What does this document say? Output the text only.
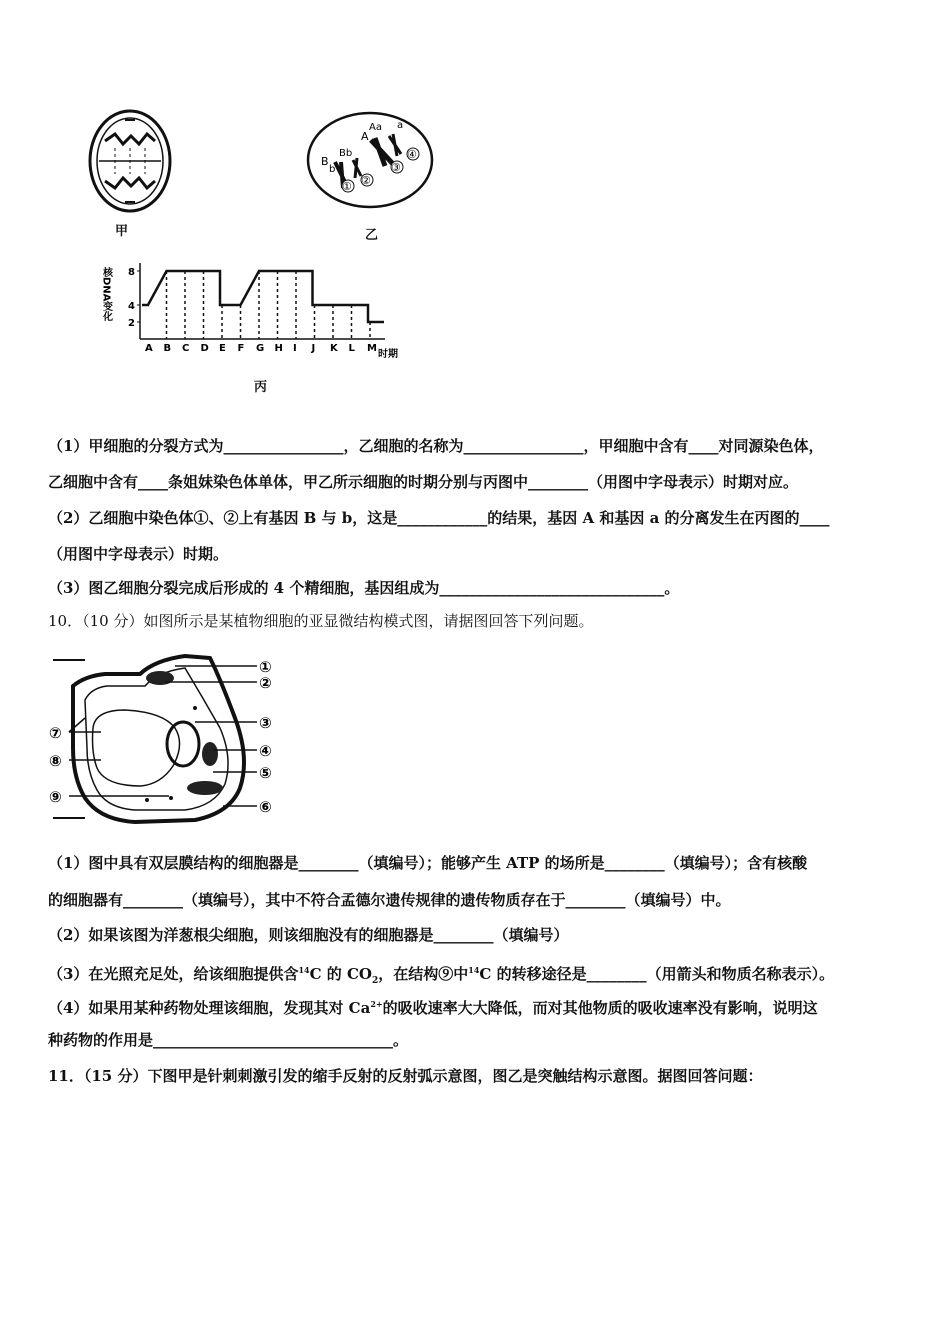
甲
① ②
③
④
B
b
Bb
A
Aa a
乙
核DNA变化
2
4
8
A B C D E F G H I J K L M
时期
丙
（1）甲细胞的分裂方式为________________，乙细胞的名称为________________，甲细胞中含有____对同源染色体，
乙细胞中含有____条姐妹染色体单体，甲乙所示细胞的时期分别与丙图中________（用图中字母表示）时期对应。
（2）乙细胞中染色体①、②上有基因 B 与 b，这是____________的结果，基因 A 和基因 a 的分离发生在丙图的____
（用图中字母表示）时期。
（3）图乙细胞分裂完成后形成的 4 个精细胞，基因组成为______________________________。
10．（10 分）如图所示是某植物细胞的亚显微结构模式图，请据图回答下列问题。
①
②
③
④
⑤
⑥
⑦
⑧
⑨
（1）图中具有双层膜结构的细胞器是________（填编号）；能够产生 ATP 的场所是________（填编号）；含有核酸
的细胞器有________（填编号），其中不符合孟德尔遗传规律的遗传物质存在于________（填编号）中。
（2）如果该图为洋葱根尖细胞，则该细胞没有的细胞器是________（填编号）
（3）在光照充足处，给该细胞提供含$^{14}$C 的 $CO_2$，在结构⑨中$^{14}$C 的转移途径是________（用箭头和物质名称表示）。
（4）如果用某种药物处理该细胞，发现其对 $Ca^{2+}$的吸收速率大大降低，而对其他物质的吸收速率没有影响，说明这
种药物的作用是________________________________。
11．（15 分）下图甲是针刺刺激引发的缩手反射的反射弧示意图，图乙是突触结构示意图。据图回答问题：
